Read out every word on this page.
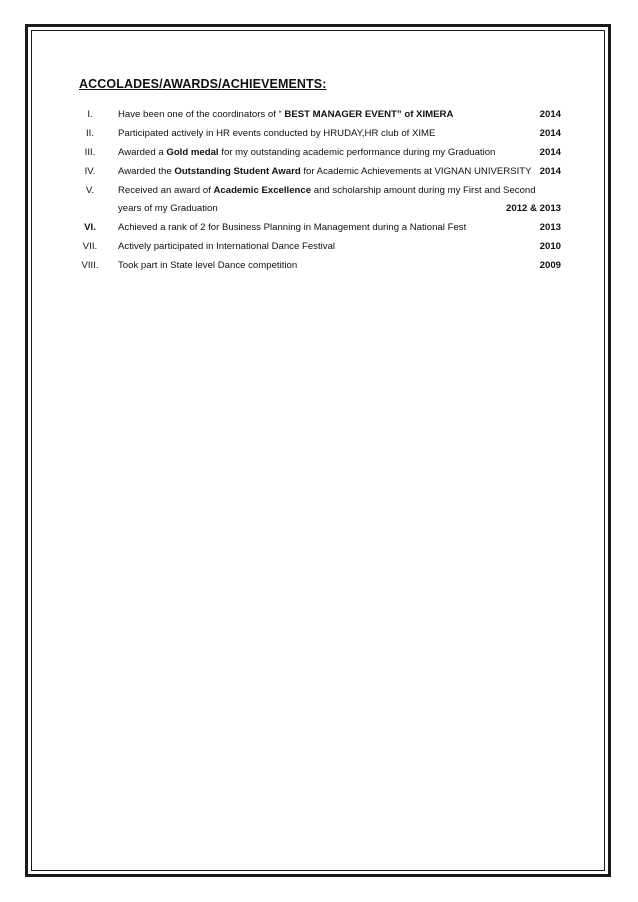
ACCOLADES/AWARDS/ACHIEVEMENTS:
I.	Have been one of the coordinators of “ BEST MANAGER EVENT” of XIMERA	2014
II.	Participated actively in HR events conducted by HRUDAY,HR club of XIME	2014
III.	Awarded a Gold medal for my outstanding academic performance during my Graduation	2014
IV.	Awarded the Outstanding Student Award for Academic Achievements at VIGNAN UNIVERSITY 2014
V.	Received an award of Academic Excellence and scholarship amount during my First and Second
years of my Graduation	2012 & 2013
VI.	Achieved a rank of 2 for Business Planning in Management during a National Fest	2013
VII.	Actively participated in International Dance Festival	2010
VIII.	Took part in State level Dance competition	2009
